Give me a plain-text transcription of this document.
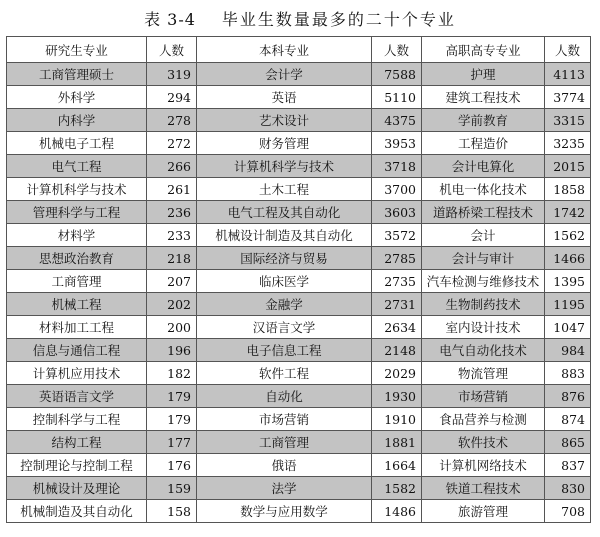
表 3-4 毕业生数量最多的二十个专业
研究生专业	人数	本科专业	人数	高职高专专业	人数
工商管理硕士	319	会计学	7588	护理	4113
外科学	294	英语	5110	建筑工程技术	3774
内科学	278	艺术设计	4375	学前教育	3315
机械电子工程	272	财务管理	3953	工程造价	3235
电气工程	266	计算机科学与技术	3718	会计电算化	2015
计算机科学与技术	261	土木工程	3700	机电一体化技术	1858
管理科学与工程	236	电气工程及其自动化	3603	道路桥梁工程技术	1742
材料学	233	机械设计制造及其自动化	3572	会计	1562
思想政治教育	218	国际经济与贸易	2785	会计与审计	1466
工商管理	207	临床医学	2735	汽车检测与维修技术	1395
机械工程	202	金融学	2731	生物制药技术	1195
材料加工工程	200	汉语言文学	2634	室内设计技术	1047
信息与通信工程	196	电子信息工程	2148	电气自动化技术	984
计算机应用技术	182	软件工程	2029	物流管理	883
英语语言文学	179	自动化	1930	市场营销	876
控制科学与工程	179	市场营销	1910	食品营养与检测	874
结构工程	177	工商管理	1881	软件技术	865
控制理论与控制工程	176	俄语	1664	计算机网络技术	837
机械设计及理论	159	法学	1582	铁道工程技术	830
机械制造及其自动化	158	数学与应用数学	1486	旅游管理	708
